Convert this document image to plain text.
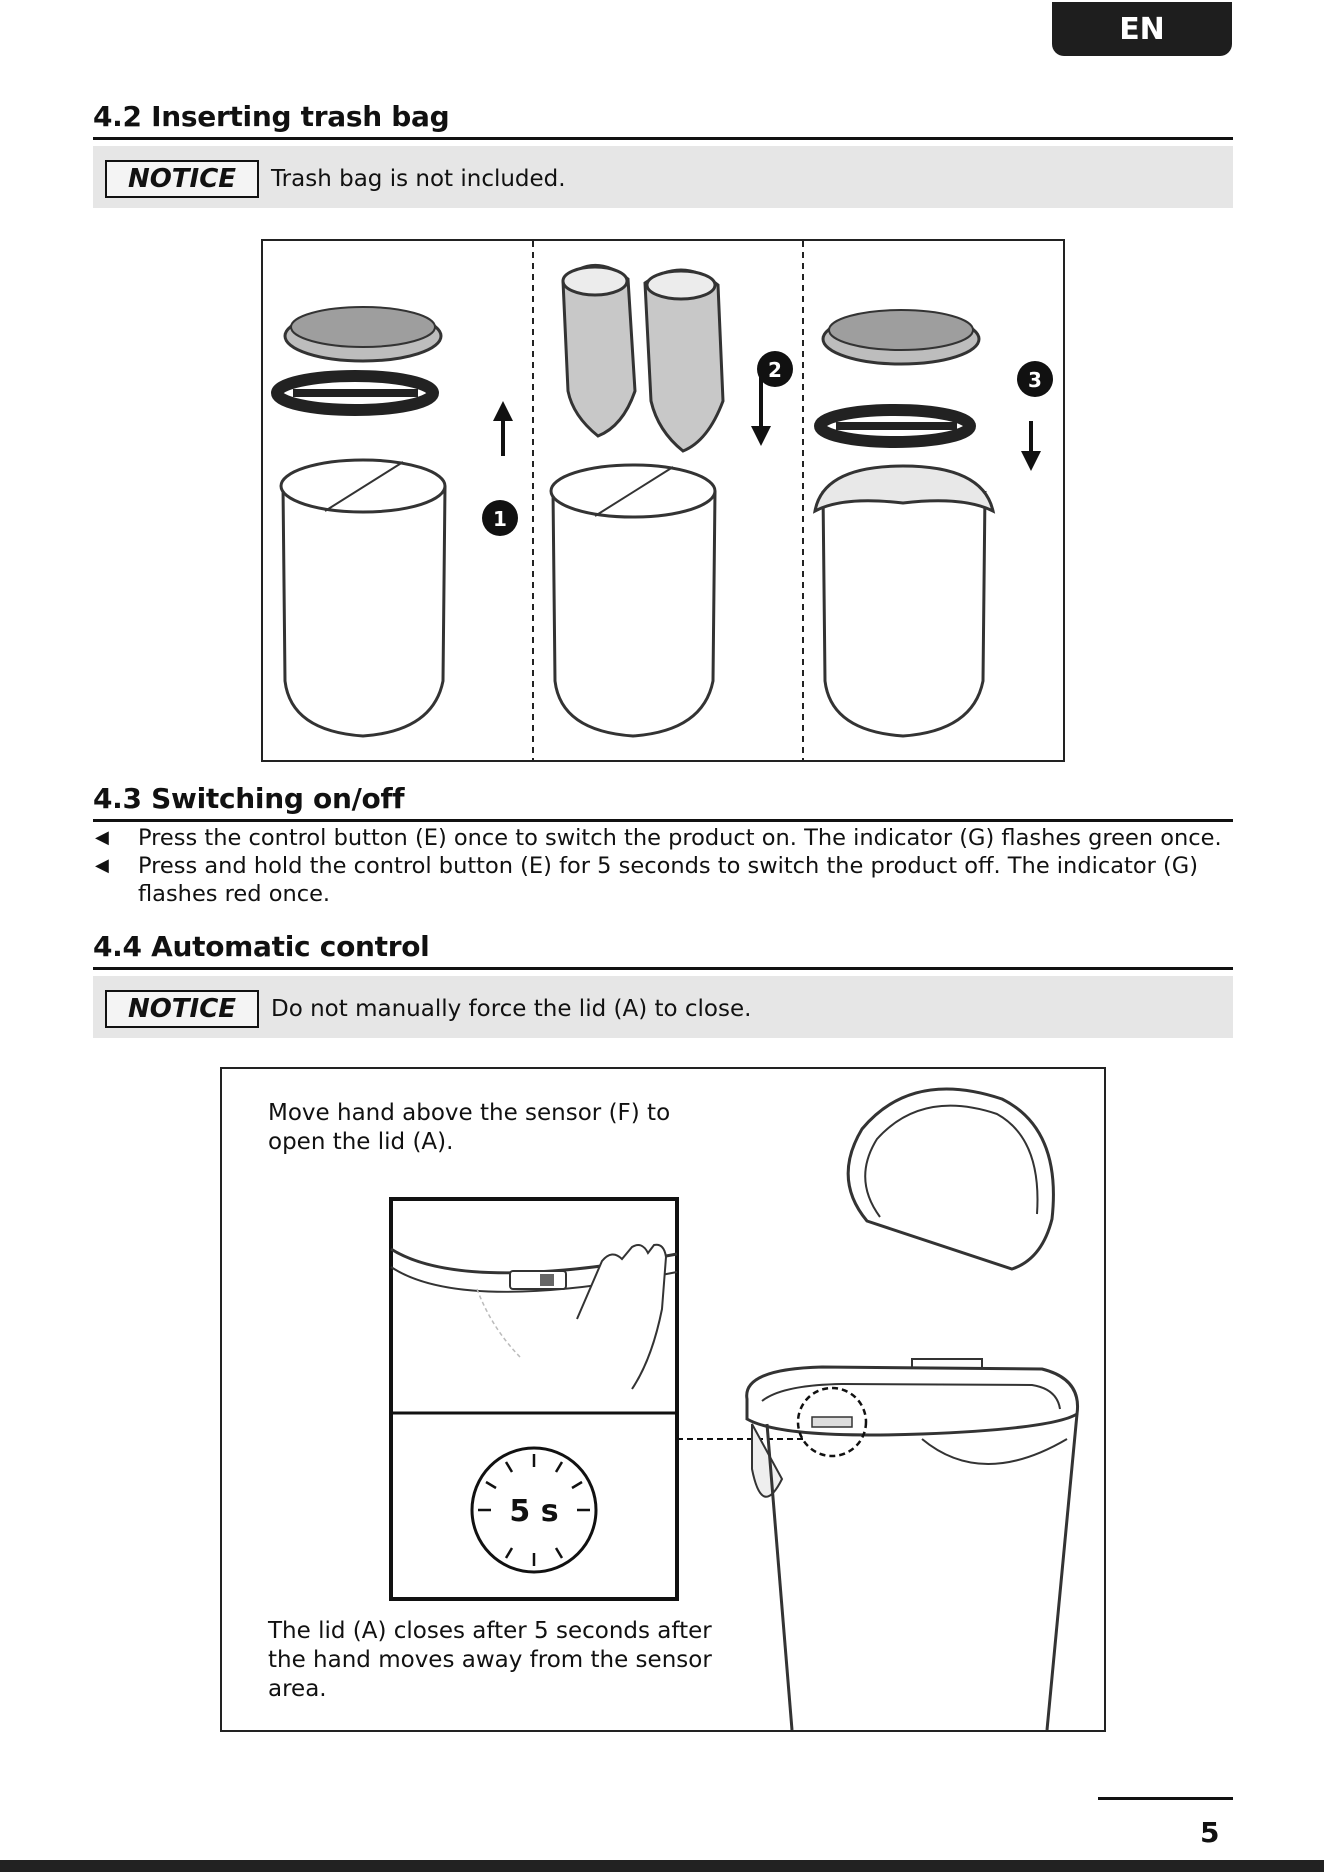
EN
4.2 Inserting trash bag
NOTICE	Trash bag is not included.
1
2	3
4.3 Switching on/off
◀ Press the control button (E) once to switch the product on. The indicator (G) flashes green once.
◀ Press and hold the control button (E) for 5 seconds to switch the product off. The indicator (G) flashes red once.
4.4 Automatic control
NOTICE	Do not manually force the lid (A) to close.
Move hand above the sensor (F) to open the lid (A).
5 s
The lid (A) closes after 5 seconds after the hand moves away from the sensor area.
5
